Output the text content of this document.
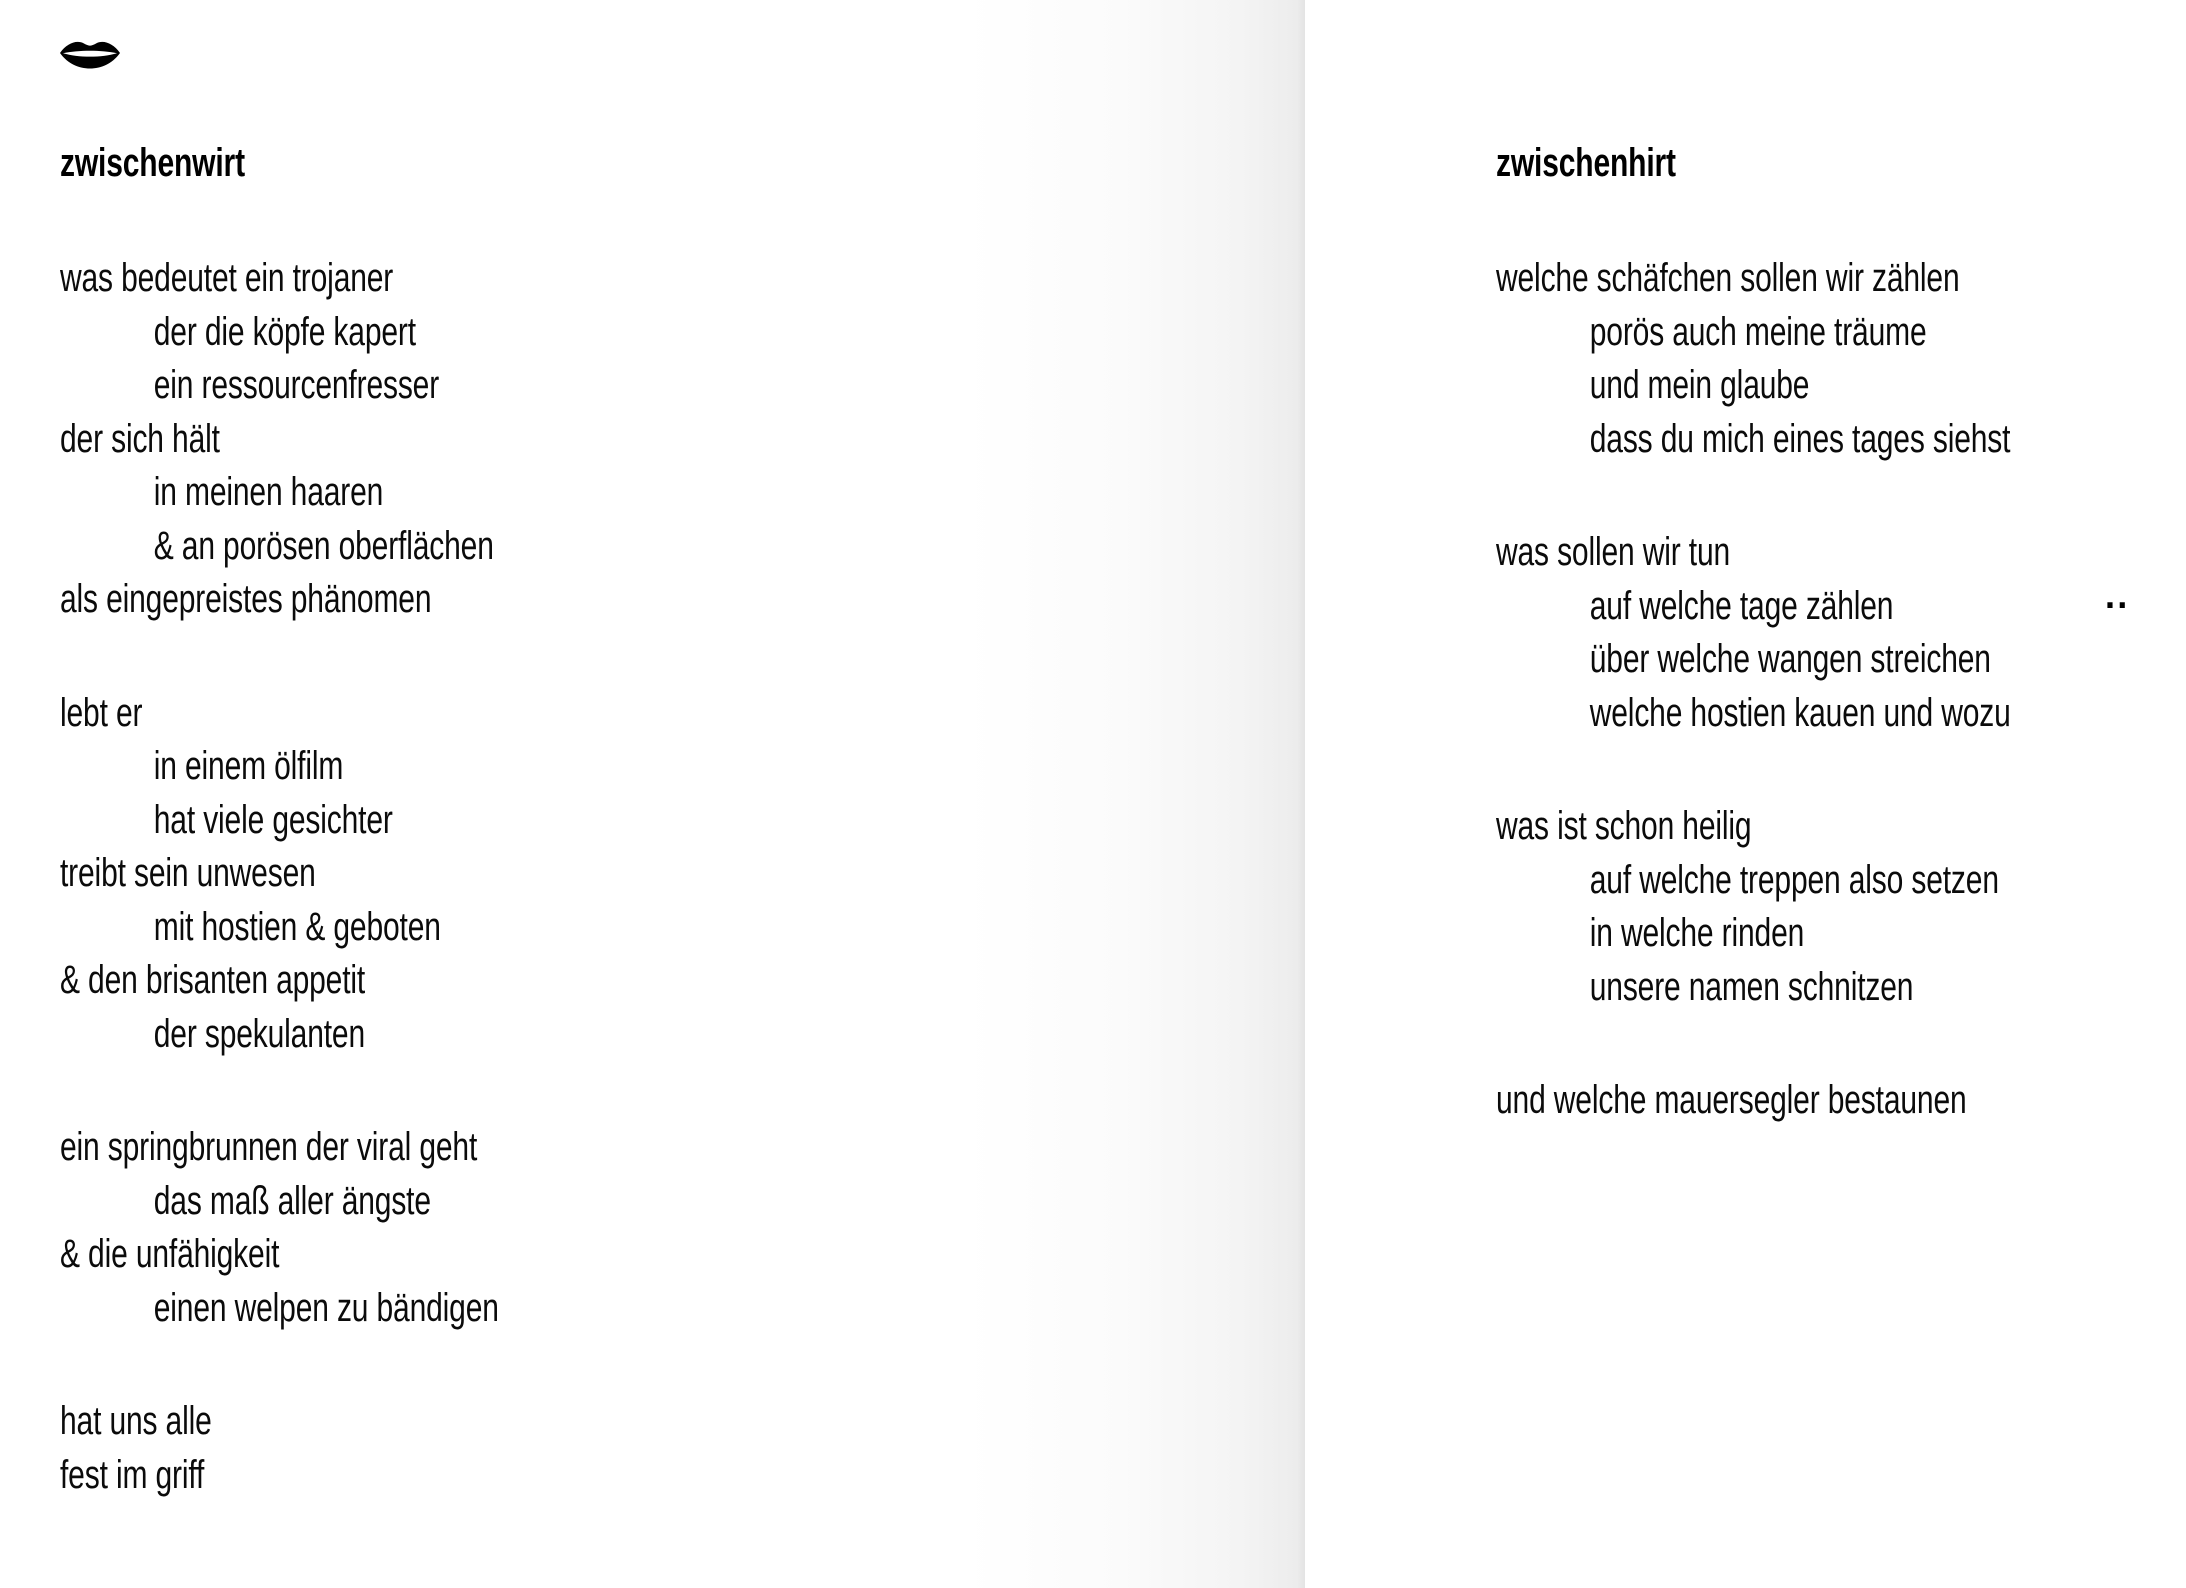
zwischenwirt
was bedeutet ein trojaner
der die köpfe kapert
ein ressourcenfresser
der sich hält
in meinen haaren
& an porösen oberflächen
als eingepreistes phänomen
lebt er
in einem ölfilm
hat viele gesichter
treibt sein unwesen
mit hostien & geboten
& den brisanten appetit
der spekulanten
ein springbrunnen der viral geht
das maß aller ängste
& die unfähigkeit
einen welpen zu bändigen
hat uns alle
fest im griff
zwischenhirt
welche schäfchen sollen wir zählen
porös auch meine träume
und mein glaube
dass du mich eines tages siehst
was sollen wir tun
auf welche tage zählen
über welche wangen streichen
welche hostien kauen und wozu
was ist schon heilig
auf welche treppen also setzen
in welche rinden
unsere namen schnitzen
und welche mauersegler bestaunen
¨
